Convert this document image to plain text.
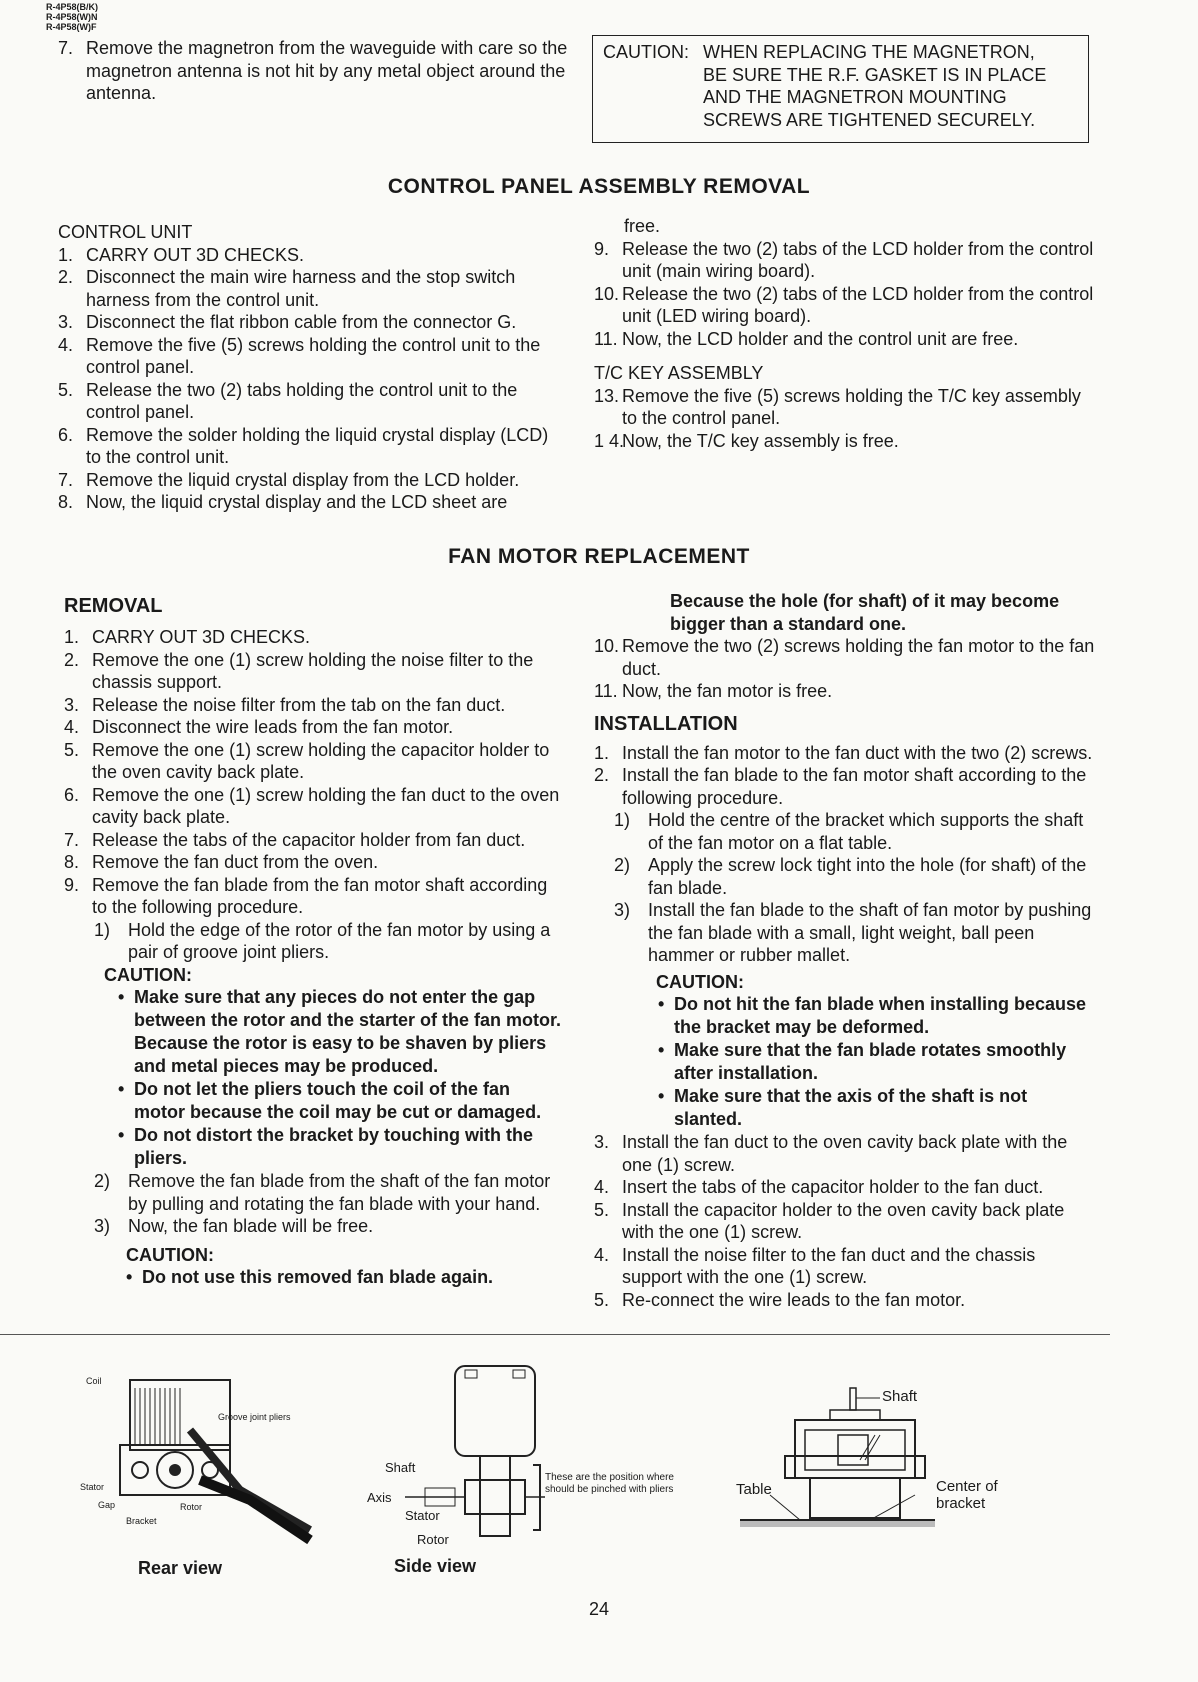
R-4P58(B/K)
R-4P58(W)N
R-4P58(W)F
7. Remove the magnetron from the waveguide with care so the magnetron antenna is not hit by any metal object around the antenna.
CAUTION: WHEN REPLACING THE MAGNETRON,
BE SURE THE R.F. GASKET IS IN PLACE
AND THE MAGNETRON MOUNTING
SCREWS ARE TIGHTENED SECURELY.
CONTROL PANEL ASSEMBLY REMOVAL
CONTROL UNIT
1. CARRY OUT 3D CHECKS.
2. Disconnect the main wire harness and the stop switch harness from the control unit.
3. Disconnect the flat ribbon cable from the connector G.
4. Remove the five (5) screws holding the control unit to the control panel.
5. Release the two (2) tabs holding the control unit to the control panel.
6. Remove the solder holding the liquid crystal display (LCD) to the control unit.
7. Remove the liquid crystal display from the LCD holder.
8. Now, the liquid crystal display and the LCD sheet are
free.
9. Release the two (2) tabs of the LCD holder from the control unit (main wiring board).
10. Release the two (2) tabs of the LCD holder from the control unit (LED wiring board).
11. Now, the LCD holder and the control unit are free.
T/C KEY ASSEMBLY
13. Remove the five (5) screws holding the T/C key assembly to the control panel.
1 4.
Now, the T/C key assembly is free.
FAN MOTOR REPLACEMENT
REMOVAL
1. CARRY OUT 3D CHECKS.
2. Remove the one (1) screw holding the noise filter to the chassis support.
3. Release the noise filter from the tab on the fan duct.
4. Disconnect the wire leads from the fan motor.
5. Remove the one (1) screw holding the capacitor holder to the oven cavity back plate.
6. Remove the one (1) screw holding the fan duct to the oven cavity back plate.
7. Release the tabs of the capacitor holder from fan duct.
8. Remove the fan duct from the oven.
9. Remove the fan blade from the fan motor shaft according to the following procedure.
1) Hold the edge of the rotor of the fan motor by using a pair of groove joint pliers.
CAUTION:
• Make sure that any pieces do not enter the gap between the rotor and the starter of the fan motor. Because the rotor is easy to be shaven by pliers and metal pieces may be produced.
• Do not let the pliers touch the coil of the fan motor because the coil may be cut or damaged.
• Do not distort the bracket by touching with the pliers.
2) Remove the fan blade from the shaft of the fan motor by pulling and rotating the fan blade with your hand.
3) Now, the fan blade will be free.
CAUTION:
• Do not use this removed fan blade again.
Because the hole (for shaft) of it may become bigger than a standard one.
10. Remove the two (2) screws holding the fan motor to the fan duct.
11. Now, the fan motor is free.
INSTALLATION
1. Install the fan motor to the fan duct with the two (2) screws.
2. Install the fan blade to the fan motor shaft according to the following procedure.
1) Hold the centre of the bracket which supports the shaft of the fan motor on a flat table.
2) Apply the screw lock tight into the hole (for shaft) of the fan blade.
3) Install the fan blade to the shaft of fan motor by pushing the fan blade with a small, light weight, ball peen hammer or rubber mallet.
CAUTION:
• Do not hit the fan blade when installing because the bracket may be deformed.
• Make sure that the fan blade rotates smoothly after installation.
• Make sure that the axis of the shaft is not slanted.
3. Install the fan duct to the oven cavity back plate with the one (1) screw.
4. Insert the tabs of the capacitor holder to the fan duct.
5. Install the capacitor holder to the oven cavity back plate with the one (1) screw.
4. Install the noise filter to the fan duct and the chassis support with the one (1) screw.
5. Re-connect the wire leads to the fan motor.
Coil
Groove joint pliers
Stator
Gap	Rotor
Bracket
Rear view
Shaft
Axis
Stator
Rotor
These are the position where should be pinched with pliers
Side view
Shaft
Table	Center of bracket
24
